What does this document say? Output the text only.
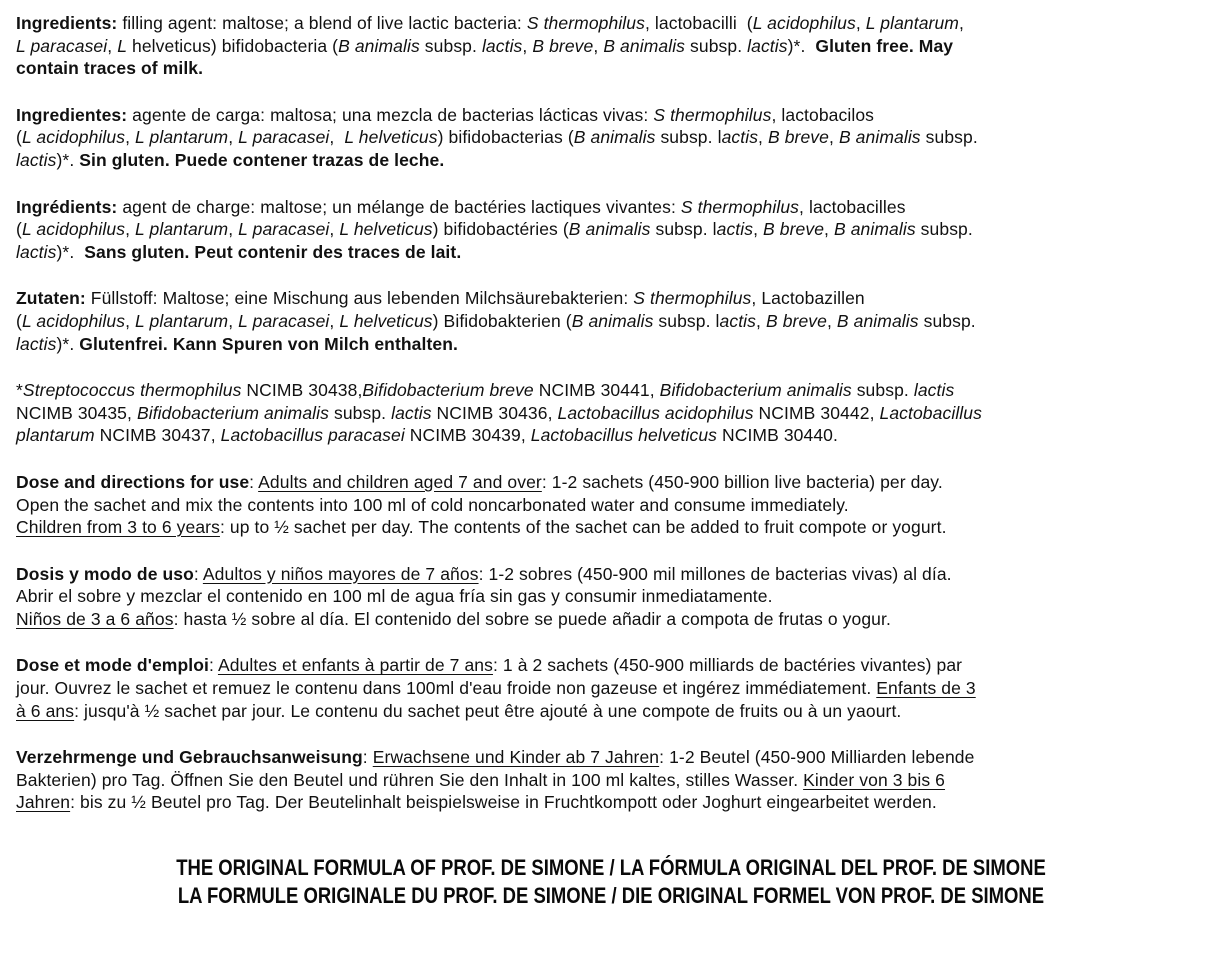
Ingredients: filling agent: maltose; a blend of live lactic bacteria: S thermophilus, lactobacilli  (L acidophilus, L plantarum,
L paracasei, L helveticus) bifidobacteria (B animalis subsp. lactis, B breve, B animalis subsp. lactis)*.  Gluten free. May
contain traces of milk.

Ingredientes: agente de carga: maltosa; una mezcla de bacterias lácticas vivas: S thermophilus, lactobacilos
(L acidophilus, L plantarum, L paracasei,  L helveticus) bifidobacterias (B animalis subsp. lactis, B breve, B animalis subsp.
lactis)*. Sin gluten. Puede contener trazas de leche.

Ingrédients: agent de charge: maltose; un mélange de bactéries lactiques vivantes: S thermophilus, lactobacilles
(L acidophilus, L plantarum, L paracasei, L helveticus) bifidobactéries (B animalis subsp. lactis, B breve, B animalis subsp.
lactis)*.  Sans gluten. Peut contenir des traces de lait.

Zutaten: Füllstoff: Maltose; eine Mischung aus lebenden Milchsäurebakterien: S thermophilus, Lactobazillen
(L acidophilus, L plantarum, L paracasei, L helveticus) Bifidobakterien (B animalis subsp. lactis, B breve, B animalis subsp.
lactis)*. Glutenfrei. Kann Spuren von Milch enthalten.

*Streptococcus thermophilus NCIMB 30438,Bifidobacterium breve NCIMB 30441, Bifidobacterium animalis subsp. lactis
NCIMB 30435, Bifidobacterium animalis subsp. lactis NCIMB 30436, Lactobacillus acidophilus NCIMB 30442, Lactobacillus
plantarum NCIMB 30437, Lactobacillus paracasei NCIMB 30439, Lactobacillus helveticus NCIMB 30440.

Dose and directions for use: Adults and children aged 7 and over: 1-2 sachets (450-900 billion live bacteria) per day.
Open the sachet and mix the contents into 100 ml of cold noncarbonated water and consume immediately.
Children from 3 to 6 years: up to ½ sachet per day. The contents of the sachet can be added to fruit compote or yogurt.

Dosis y modo de uso: Adultos y niños mayores de 7 años: 1-2 sobres (450-900 mil millones de bacterias vivas) al día.
Abrir el sobre y mezclar el contenido en 100 ml de agua fría sin gas y consumir inmediatamente.
Niños de 3 a 6 años: hasta ½ sobre al día. El contenido del sobre se puede añadir a compota de frutas o yogur.

Dose et mode d'emploi: Adultes et enfants à partir de 7 ans: 1 à 2 sachets (450-900 milliards de bactéries vivantes) par
jour. Ouvrez le sachet et remuez le contenu dans 100ml d'eau froide non gazeuse et ingérez immédiatement. Enfants de 3
à 6 ans: jusqu'à ½ sachet par jour. Le contenu du sachet peut être ajouté à une compote de fruits ou à un yaourt.

Verzehrmenge und Gebrauchsanweisung: Erwachsene und Kinder ab 7 Jahren: 1-2 Beutel (450-900 Milliarden lebende
Bakterien) pro Tag. Öffnen Sie den Beutel und rühren Sie den Inhalt in 100 ml kaltes, stilles Wasser. Kinder von 3 bis 6
Jahren: bis zu ½ Beutel pro Tag. Der Beutelinhalt beispielsweise in Fruchtkompott oder Joghurt eingearbeitet werden.

THE ORIGINAL FORMULA OF PROF. DE SIMONE / LA FÓRMULA ORIGINAL DEL PROF. DE SIMONE
LA FORMULE ORIGINALE DU PROF. DE SIMONE / DIE ORIGINAL FORMEL VON PROF. DE SIMONE
